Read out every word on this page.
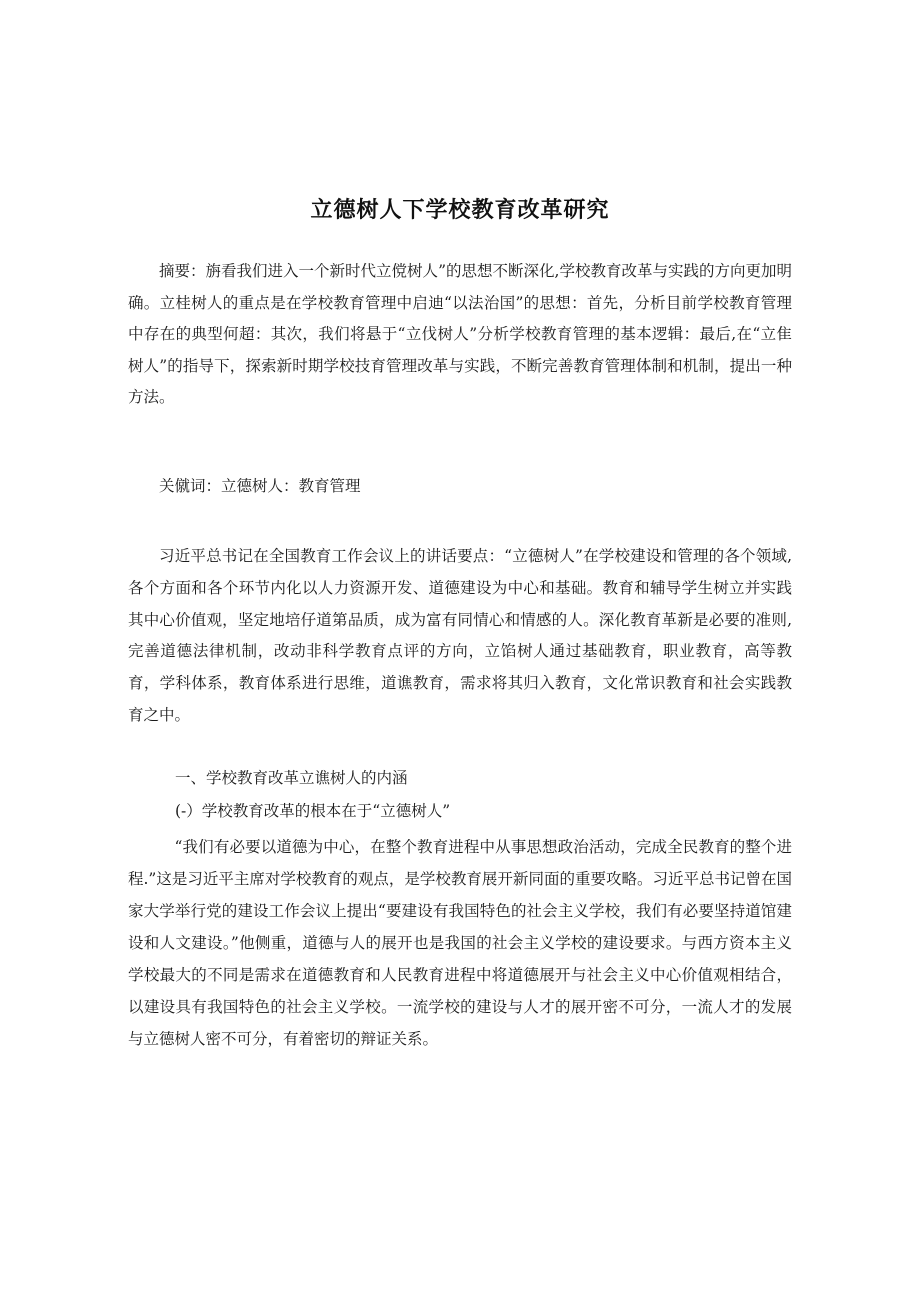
立德树人下学校教育改革研究

摘要：旃看我们进入一个新时代立傥树人”的思想不断深化,学校教育改革与实践的方向更加明确。立桂树人的重点是在学校教育管理中启迪“以法治国”的思想：首先，分析目前学校教育管理中存在的典型何超：其次，我们将悬于“立伐树人”分析学校教育管理的基本逻辑：最后,在“立隹树人”的指导下，探索新时期学校技育管理改革与实践，不断完善教育管理体制和机制，提出一种方法。

关僦词：立德树人：教育管理

习近平总书记在全国教育工作会议上的讲话要点：“立德树人”在学校建设和管理的各个领域,各个方面和各个环节内化以人力资源开发、道德建设为中心和基础。教育和辅导学生树立并实践其中心价值观，坚定地培仔道第品质，成为富有同情心和情感的人。深化教育革新是必要的准则,完善道德法律机制，改动非科学教育点评的方向，立馅树人通过基础教育，职业教育，高等教育，学科体系，教育体系进行思维，道谯教育，需求将其归入教育，文化常识教育和社会实践教育之中。

一、学校教育改革立谯树人的内涵

(-）学校教育改革的根本在于“立德树人”

“我们有必要以道德为中心，在整个教育进程中从事思想政治活动，完成全民教育的整个进程.”这是习近平主席对学校教育的观点，是学校教育展开新同面的重要攻略。习近平总书记曾在国家大学举行党的建设工作会议上提出“要建设有我国特色的社会主义学校，我们有必要坚持道馆建设和人文建设。”他侧重，道德与人的展开也是我国的社会主义学校的建设要求。与西方资本主义学校最大的不同是需求在道德教育和人民教育进程中将道德展开与社会主义中心价值观相结合，以建设具有我国特色的社会主义学校。一流学校的建设与人才的展开密不可分，一流人才的发展与立德树人密不可分，有着密切的辩证关系。
